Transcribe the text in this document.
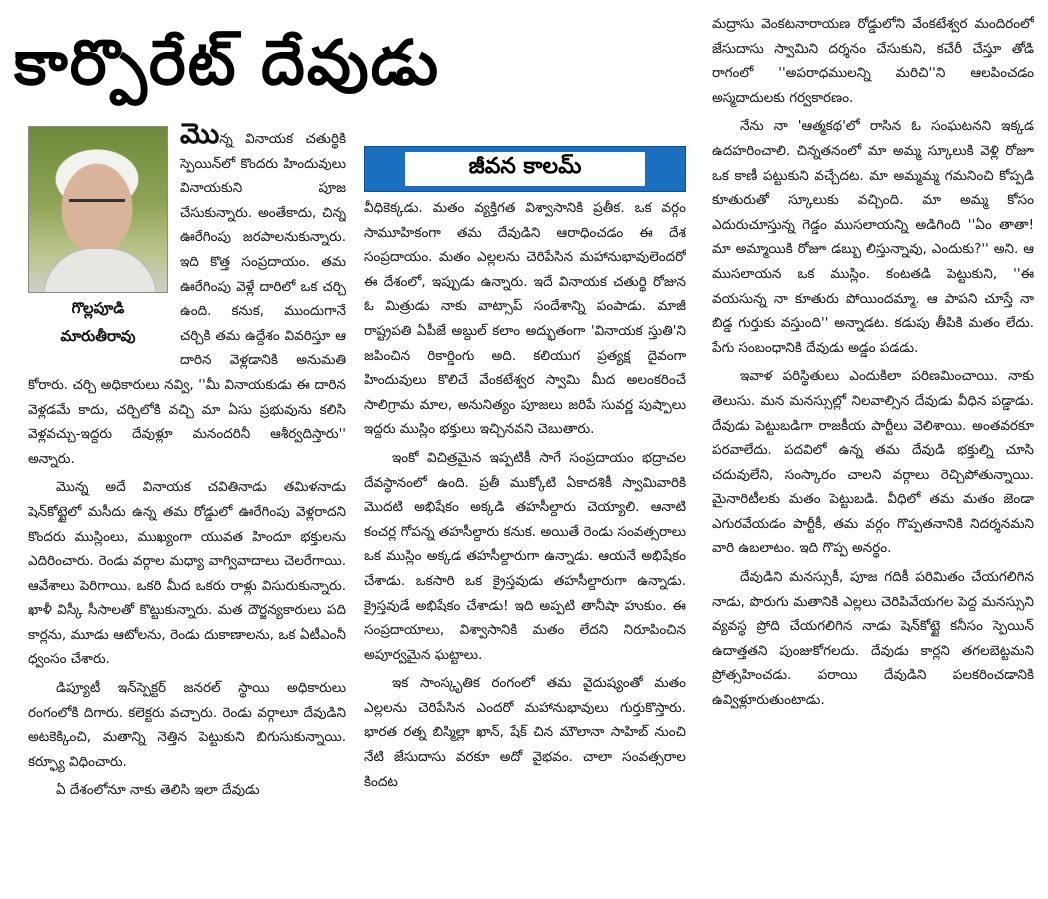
కార్పొరేట్ దేవుడు
జీవన కాలమ్
గొల్లపూడి
మారుతీరావు

మొన్న వినాయక చతుర్థికి స్పెయిన్‌లో కొందరు హిందువులు వినాయకుని పూజ చేసుకున్నారు. అంతేకాదు, చిన్న ఊరేగింపు జరపాలనుకున్నారు. ఇది కొత్త సంప్రదాయం. తమ ఊరేగింపు వెళ్లే దారిలో ఒక చర్చి ఉంది. కనుక, ముందుగానే చర్చికి తమ ఉద్దేశం వివరిస్తూ ఆ దారిన వెళ్లడానికి అనుమతి కోరారు. చర్చి అధికారులు నవ్వి, ''మీ వినాయకుడు ఈ దారిన వెళ్లడమే కాదు, చర్చిలోకి వచ్చి మా ఏసు ప్రభువును కలిసి వెళ్లవచ్చు-ఇద్దరు దేవుళ్లూ మనందరినీ ఆశీర్వదిస్తారు'' అన్నారు.

మొన్న అదే వినాయక చవితినాడు తమిళనాడు షెన్‌కోట్టైలో మసీదు ఉన్న తమ రోడ్డులో ఊరేగింపు వెళ్లరాదని కొందరు ముస్లింలు, ముఖ్యంగా యువత హిందూ భక్తులను ఎదిరించారు. రెండు వర్గాల మధ్యా వాగ్వివాదాలు చెలరేగాయి. ఆవేశాలు పెరిగాయి. ఒకరి మీద ఒకరు రాళ్లు విసురుకున్నారు. ఖాళీ విస్కీ సీసాలతో కొట్టుకున్నారు. మత దౌర్జన్యకారులు పది కార్లను, మూడు ఆటోలను, రెండు దుకాణాలను, ఒక ఏటీఎంనీ ధ్వంసం చేశారు.

డిప్యూటీ ఇన్‌స్పెక్టర్ జనరల్ స్థాయి అధికారులు రంగంలోకి దిగారు. కలెక్టరు వచ్చారు. రెండు వర్గాలూ దేవుడిని అటకెక్కించి, మతాన్ని నెత్తిన పెట్టుకుని బిగుసుకున్నాయి. కర్ఫ్యూ విధించారు.

ఏ దేశంలోనూ నాకు తెలిసి ఇలా దేవుడు

వీధికెక్కడు. మతం వ్యక్తిగత విశ్వాసానికి ప్రతీక. ఒక వర్గం సామూహికంగా తమ దేవుడిని ఆరాధించడం ఈ దేశ సంప్రదాయం. మతం ఎల్లలను చెరిపేసిన మహానుభావులెందరో ఈ దేశంలో, ఇప్పుడు ఉన్నారు. ఇదే వినాయక చతుర్థి రోజున ఓ మిత్రుడు నాకు వాట్సాప్ సందేశాన్ని పంపాడు. మాజీ రాష్ట్రపతి ఏపీజే అబ్దుల్ కలాం అద్భుతంగా 'వినాయక స్తుతి'ని జపించిన రికార్డింగు అది. కలియుగ ప్రత్యక్ష దైవంగా హిందువులు కొలిచే వేంకటేశ్వర స్వామి మీద అలంకరించే సాలిగ్రామ మాల, అనునిత్యం పూజలు జరిపే సువర్ణ పుష్పాలు ఇద్దరు ముస్లిం భక్తులు ఇచ్చినవని చెబుతారు.

ఇంకో విచిత్రమైన ఇప్పటికీ సాగే సంప్రదాయం భద్రాచల దేవస్థానంలో ఉంది. ప్రతీ ముక్కోటి ఏకాదశికీ స్వామివారికి మొదటి అభిషేకం అక్కడి తహసీల్దారు చెయ్యాలి. ఆనాటి కంచర్ల గోపన్న తహసీల్దారు కనుక. అయితే రెండు సంవత్సరాలు ఒక ముస్లిం అక్కడ తహసీల్దారుగా ఉన్నాడు. ఆయనే అభిషేకం చేశాడు. ఒకసారి ఒక క్రైస్తవుడు తహసీల్దారుగా ఉన్నాడు. క్రైస్తవుడే అభిషేకం చేశాడు! ఇది అప్పటి తానీషా హుకుం. ఈ సంప్రదాయాలు, విశ్వాసానికి మతం లేదని నిరూపించిన అపూర్వమైన ఘట్టాలు.

ఇక సాంస్కృతిక రంగంలో తమ వైదుష్యంతో మతం ఎల్లలను చెరిపేసిన ఎందరో మహానుభావులు గుర్తుకొస్తారు. భారత రత్న బిస్మిల్లా ఖాన్, షేక్ చిన మౌలానా సాహిబ్ నుంచి నేటి జేసుదాసు వరకూ అదో వైభవం. చాలా సంవత్సరాల కిందట

మద్రాసు వెంకటనారాయణ రోడ్డులోని వేంకటేశ్వర మందిరంలో జేసుదాసు స్వామిని దర్శనం చేసుకుని, కచేరీ చేస్తూ తోడి రాగంలో ''అపరాధములన్ని మరిచి''ని ఆలపించడం అస్మదాదులకు గర్వకారణం.

నేను నా 'ఆత్మకథ'లో రాసిన ఓ సంఘటనని ఇక్కడ ఉదహరించాలి. చిన్నతనంలో మా అమ్మ స్కూలుకి వెళ్లి రోజూ ఒక కాణీ పట్టుకుని వచ్చేదట. మా అమ్మమ్మ గమనించి కోప్పడి కూతురుతో స్కూలుకు వచ్చింది. మా అమ్మ కోసం ఎదురుచూస్తున్న గెడ్డం ముసలాయన్ని అడిగింది ''ఏం తాతా! మా అమ్మాయికి రోజూ డబ్బు లిస్తున్నావు, ఎందుకు?'' అని. ఆ ముసలాయన ఒక ముస్లిం. కంటతడి పెట్టుకుని, ''ఈ వయసున్న నా కూతురు పోయిందమ్మా. ఆ పాపని చూస్తే నా బిడ్డ గుర్తుకు వస్తుంది'' అన్నాడట. కడుపు తీపికి మతం లేదు. పేగు సంబంధానికి దేవుడు అడ్డం పడడు.

ఇవాళ పరిస్థితులు ఎందుకిలా పరిణమించాయి. నాకు తెలుసు. మన మనస్సుల్లో నిలవాల్సిన దేవుడు వీధిన పడ్డాడు. దేవుడు పెట్టుబడిగా రాజకీయ పార్టీలు వెలిశాయి. అంతవరకూ పరవాలేదు. పదవిలో ఉన్న తమ దేవుడి భక్తుల్ని చూసి చదువులేని, సంస్కారం చాలని వర్గాలు రెచ్చిపోతున్నాయి. మైనారిటీలకు మతం పెట్టుబడి. వీధిలో తమ మతం జెండా ఎగురవేయడం పార్టీకీ, తమ వర్గం గొప్పతనానికి నిదర్శనమని వారి ఉబలాటం. ఇది గొప్ప అనర్థం.

దేవుడిని మనస్సుకీ, పూజ గదికీ పరిమితం చేయగలిగిన నాడు, పొరుగు మతానికి ఎల్లలు చెరిపివేయగల పెద్ద మనస్సుని వ్యవస్థ ప్రోది చేయగలిగిన నాడు షెన్‌కోట్టై కనీసం స్పెయిన్ ఉదాత్తతని పుంజుకోగలదు. దేవుడు కార్లని తగలబెట్టమని ప్రోత్సహించడు. పరాయి దేవుడిని పలకరించడానికి ఉవ్విళ్లూరుతుంటాడు.
